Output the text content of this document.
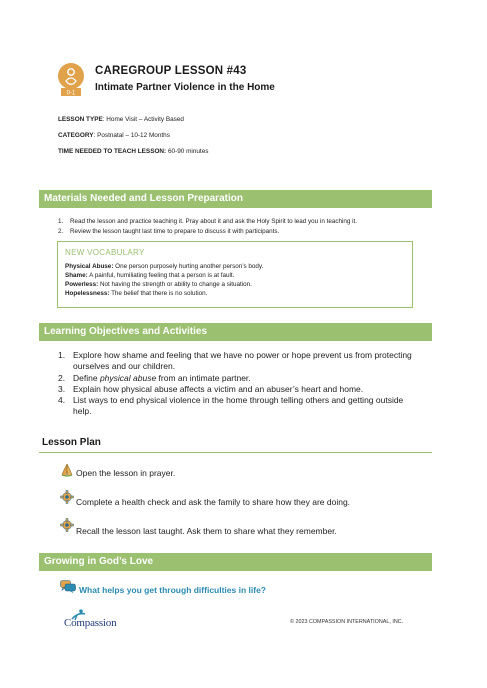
0-1
CAREGROUP LESSON #43
Intimate Partner Violence in the Home
LESSON TYPE: Home Visit – Activity Based
CATEGORY: Postnatal – 10-12 Months
TIME NEEDED TO TEACH LESSON: 60-90 minutes
Materials Needed and Lesson Preparation
1. Read the lesson and practice teaching it. Pray about it and ask the Holy Spirit to lead you in teaching it.
2. Review the lesson taught last time to prepare to discuss it with participants.
NEW VOCABULARY
Physical Abuse: One person purposely hurting another person’s body.
Shame: A painful, humiliating feeling that a person is at fault.
Powerless: Not having the strength or ability to change a situation.
Hopelessness: The belief that there is no solution.
Learning Objectives and Activities
1. Explore how shame and feeling that we have no power or hope prevent us from protecting ourselves and our children.
2. Define physical abuse from an intimate partner.
3. Explain how physical abuse affects a victim and an abuser’s heart and home.
4. List ways to end physical violence in the home through telling others and getting outside help.
Lesson Plan
Open the lesson in prayer.
Complete a health check and ask the family to share how they are doing.
Recall the lesson last taught. Ask them to share what they remember.
Growing in God’s Love
What helps you get through difficulties in life?
Compassion	© 2023 COMPASSION INTERNATIONAL, INC.
